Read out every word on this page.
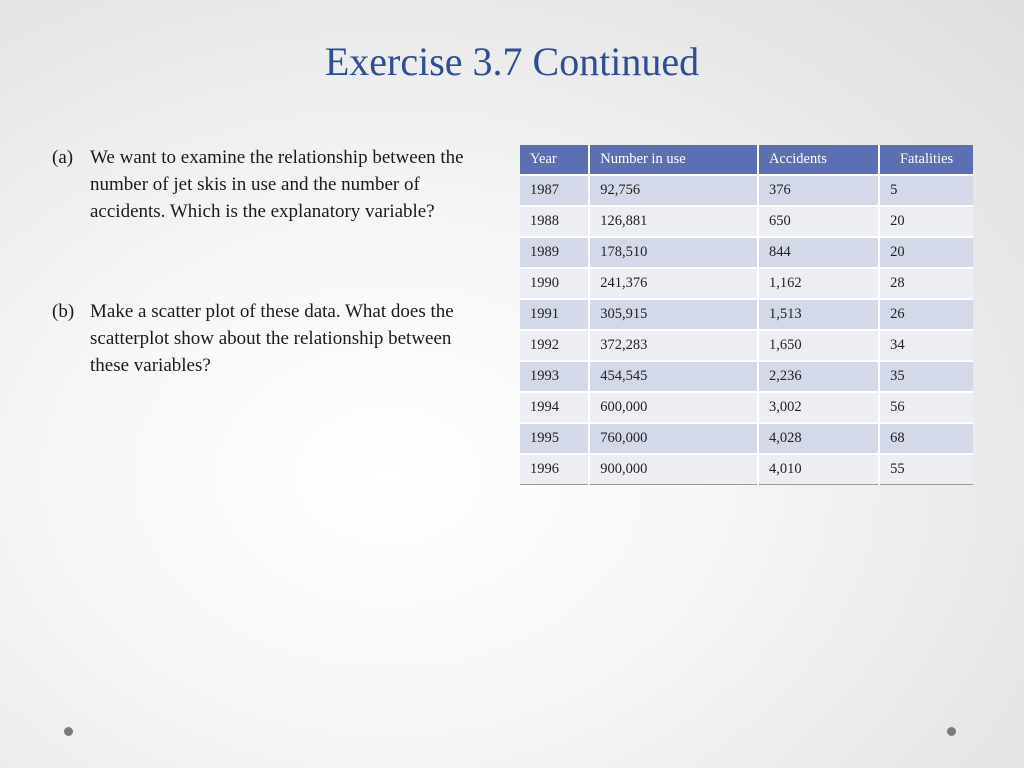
Exercise 3.7 Continued
(a) We want to examine the relationship between the number of jet skis in use and the number of accidents. Which is the explanatory variable?
(b) Make a scatter plot of these data. What does the scatterplot show about the relationship between these variables?
Year	Number in use	Accidents	Fatalities
1987	92,756	376	5
1988	126,881	650	20
1989	178,510	844	20
1990	241,376	1,162	28
1991	305,915	1,513	26
1992	372,283	1,650	34
1993	454,545	2,236	35
1994	600,000	3,002	56
1995	760,000	4,028	68
1996	900,000	4,010	55
